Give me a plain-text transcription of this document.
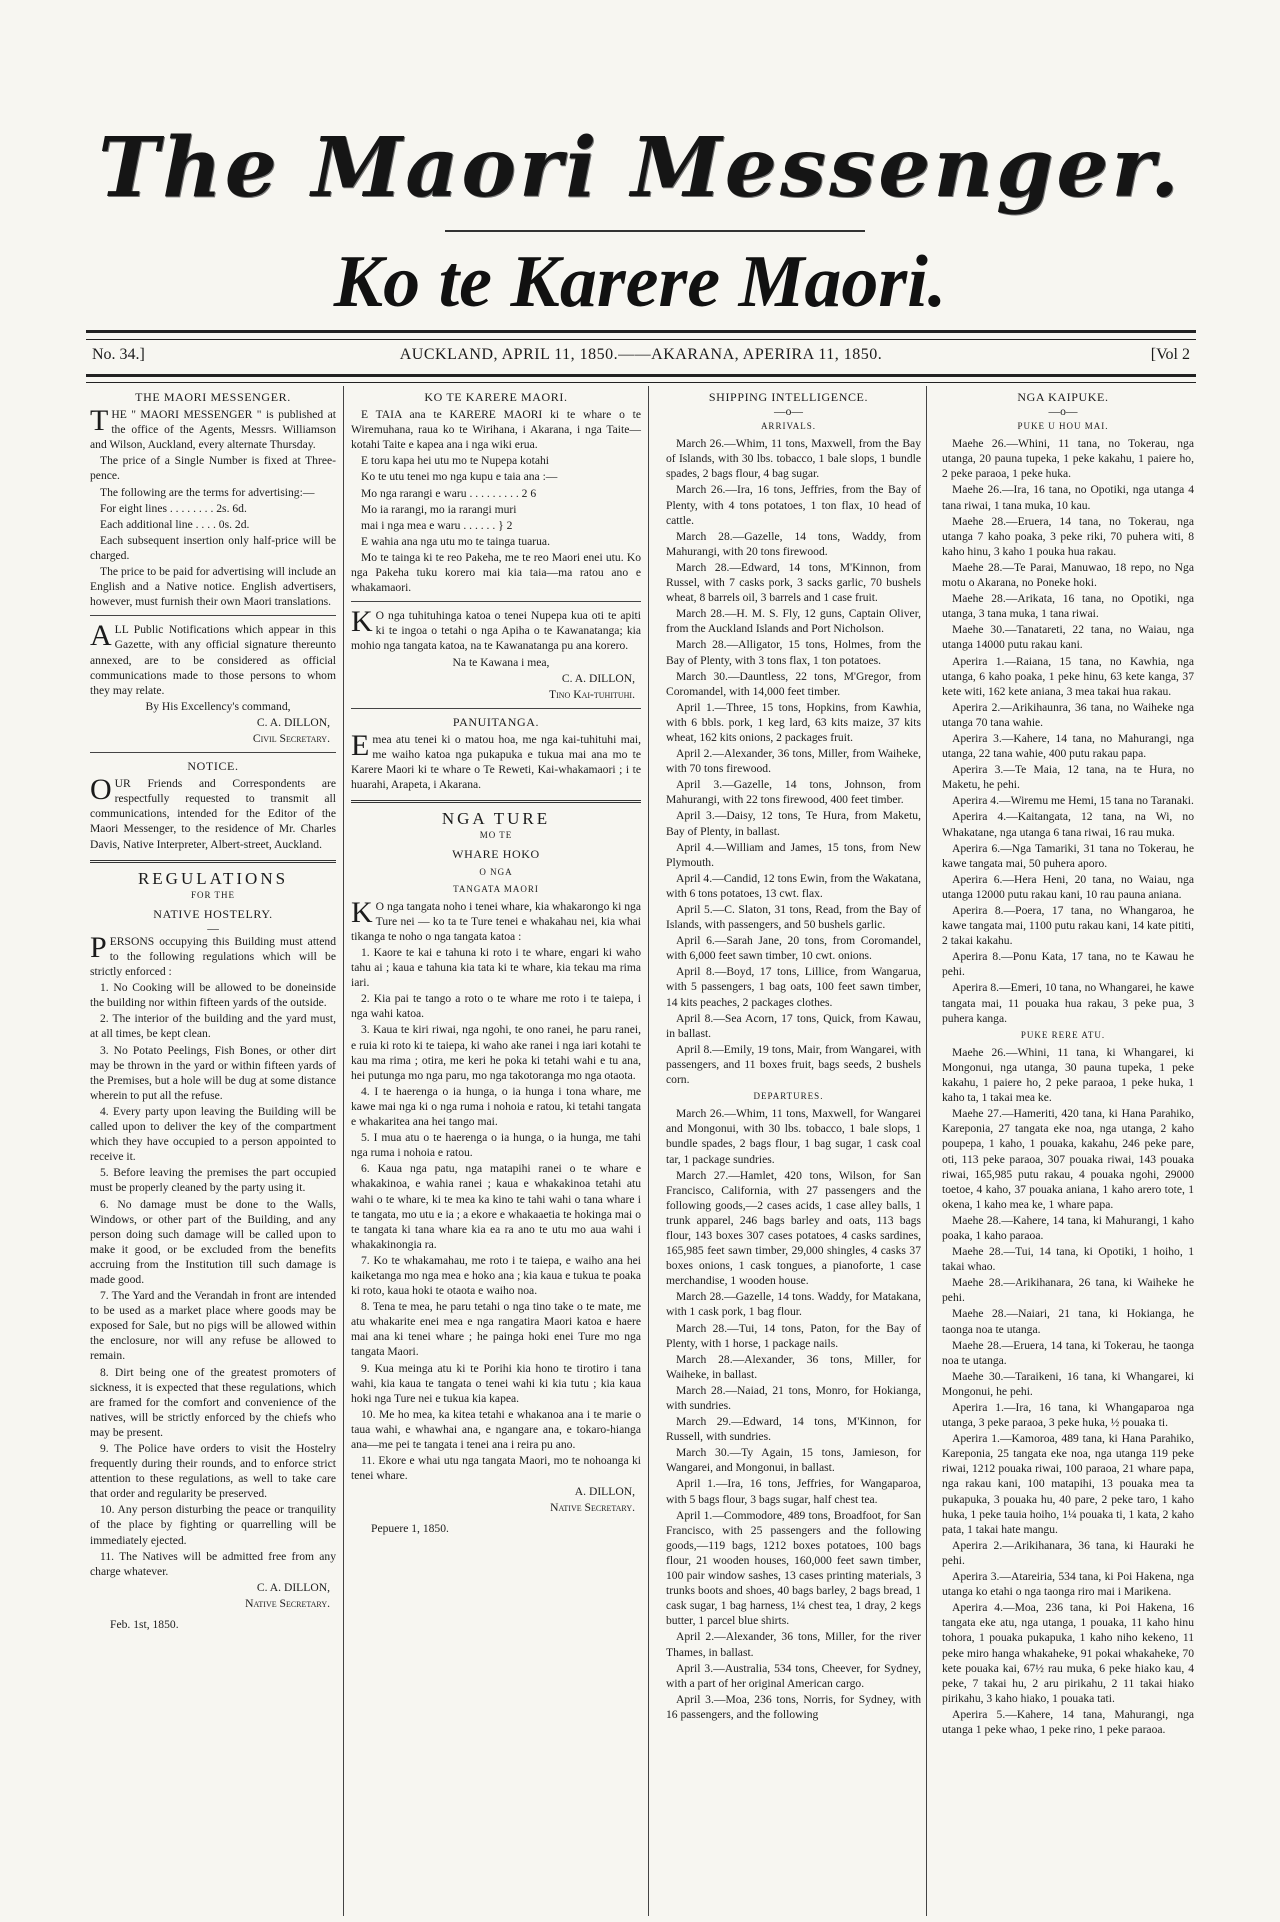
The Maori Messenger.
Ko te Karere Maori.
No. 34.]	AUCKLAND, APRIL 11, 1850.——AKARANA, APERIRA 11, 1850.	[Vol 2
THE MAORI MESSENGER.

THE " MAORI MESSENGER " is published at the office of the Agents, Messrs. Williamson and Wilson, Auckland, every alternate Thursday.

The price of a Single Number is fixed at Three-pence.

The following are the terms for advertising:—

For eight lines . . . . . . . . 2s. 6d.

Each additional line . . . . 0s. 2d.

Each subsequent insertion only half-price will be charged.

The price to be paid for advertising will include an English and a Native notice. English advertisers, however, must furnish their own Maori translations.

ALL Public Notifications which appear in this Gazette, with any official signature thereunto annexed, are to be considered as official communications made to those persons to whom they may relate.

By His Excellency's command,

C. A. DILLON,
Civil Secretary.
NOTICE.

OUR Friends and Correspondents are respectfully requested to transmit all communications, intended for the Editor of the Maori Messenger, to the residence of Mr. Charles Davis, Native Interpreter, Albert-street, Auckland.

REGULATIONS
FOR THE
NATIVE HOSTELRY.
—

PERSONS occupying this Building must attend to the following regulations which will be strictly enforced :

1. No Cooking will be allowed to be doneinside the building nor within fifteen yards of the outside.

2. The interior of the building and the yard must, at all times, be kept clean.

3. No Potato Peelings, Fish Bones, or other dirt may be thrown in the yard or within fifteen yards of the Premises, but a hole will be dug at some distance wherein to put all the refuse.

4. Every party upon leaving the Building will be called upon to deliver the key of the compartment which they have occupied to a person appointed to receive it.

5. Before leaving the premises the part occupied must be properly cleaned by the party using it.

6. No damage must be done to the Walls, Windows, or other part of the Building, and any person doing such damage will be called upon to make it good, or be excluded from the benefits accruing from the Institution till such damage is made good.

7. The Yard and the Verandah in front are intended to be used as a market place where goods may be exposed for Sale, but no pigs will be allowed within the enclosure, nor will any refuse be allowed to remain.

8. Dirt being one of the greatest promoters of sickness, it is expected that these regulations, which are framed for the comfort and convenience of the natives, will be strictly enforced by the chiefs who may be present.

9. The Police have orders to visit the Hostelry frequently during their rounds, and to enforce strict attention to these regulations, as well to take care that order and regularity be preserved.

10. Any person disturbing the peace or tranquility of the place by fighting or quarrelling will be immediately ejected.

11. The Natives will be admitted free from any charge whatever.

C. A. DILLON,
Native Secretary.
Feb. 1st, 1850.
KO TE KARERE MAORI.

E TAIA ana te KARERE MAORI ki te whare o te Wiremuhana, raua ko te Wirihana, i Akarana, i nga Taite—kotahi Taite e kapea ana i nga wiki erua.

E toru kapa hei utu mo te Nupepa kotahi

Ko te utu tenei mo nga kupu e taia ana :—

Mo nga rarangi e waru . . . . . . . . . 2 6

Mo ia rarangi, mo ia rarangi muri

mai i nga mea e waru . . . . . . } 2

E wahia ana nga utu mo te tainga tuarua.

Mo te tainga ki te reo Pakeha, me te reo Maori enei utu. Ko nga Pakeha tuku korero mai kia taia—ma ratou ano e whakamaori.

K O nga tuhituhinga katoa o tenei Nupepa kua oti te apiti ki te ingoa o tetahi o nga Apiha o te Kawanatanga; kia mohio nga tangata katoa, na te Kawanatanga pu ana korero.

Na te Kawana i mea,

C. A. DILLON,
Tino Kai-tuhituhi.
PANUITANGA.

Emea atu tenei ki o matou hoa, me nga kai-tuhituhi mai, me waiho katoa nga pukapuka e tukua mai ana mo te Karere Maori ki te whare o Te Reweti, Kai-whakamaori ; i te huarahi, Arapeta, i Akarana.

NGA TURE
MO TE
WHARE HOKO
O NGA
TANGATA MAORI

K O nga tangata noho i tenei whare, kia whakarongo ki nga Ture nei — ko ta te Ture tenei e whakahau nei, kia whai tikanga te noho o nga tangata katoa :

1. Kaore te kai e tahuna ki roto i te whare, engari ki waho tahu ai ; kaua e tahuna kia tata ki te whare, kia tekau ma rima iari.

2. Kia pai te tango a roto o te whare me roto i te taiepa, i nga wahi katoa.

3. Kaua te kiri riwai, nga ngohi, te ono ranei, he paru ranei, e ruia ki roto ki te taiepa, ki waho ake ranei i nga iari kotahi te kau ma rima ; otira, me keri he poka ki tetahi wahi e tu ana, hei putunga mo nga paru, mo nga takotoranga mo nga otaota.

4. I te haerenga o ia hunga, o ia hunga i tona whare, me kawe mai nga ki o nga ruma i nohoia e ratou, ki tetahi tangata e whakaritea ana hei tango mai.

5. I mua atu o te haerenga o ia hunga, o ia hunga, me tahi nga ruma i nohoia e ratou.

6. Kaua nga patu, nga matapihi ranei o te whare e whakakinoa, e wahia ranei ; kaua e whakakinoa tetahi atu wahi o te whare, ki te mea ka kino te tahi wahi o tana whare i te tangata, mo utu e ia ; a ekore e whakaaetia te hokinga mai o te tangata ki tana whare kia ea ra ano te utu mo aua wahi i whakakinongia ra.

7. Ko te whakamahau, me roto i te taiepa, e waiho ana hei kaiketanga mo nga mea e hoko ana ; kia kaua e tukua te poaka ki roto, kaua hoki te otaota e waiho noa.

8. Tena te mea, he paru tetahi o nga tino take o te mate, me atu whakarite enei mea e nga rangatira Maori katoa e haere mai ana ki tenei whare ; he painga hoki enei Ture mo nga tangata Maori.

9. Kua meinga atu ki te Porihi kia hono te tirotiro i tana wahi, kia kaua te tangata o tenei wahi ki kia tutu ; kia kaua hoki nga Ture nei e tukua kia kapea.

10. Me ho mea, ka kitea tetahi e whakanoa ana i te marie o taua wahi, e whawhai ana, e ngangare ana, e tokaro-hianga ana—me pei te tangata i tenei ana i reira pu ano.

11. Ekore e whai utu nga tangata Maori, mo te nohoanga ki tenei whare.

A. DILLON,
Native Secretary.
Pepuere 1, 1850.
SHIPPING INTELLIGENCE.
—o—
ARRIVALS.

March 26.—Whim, 11 tons, Maxwell, from the Bay of Islands, with 30 lbs. tobacco, 1 bale slops, 1 bundle spades, 2 bags flour, 4 bag sugar.

March 26.—Ira, 16 tons, Jeffries, from the Bay of Plenty, with 4 tons potatoes, 1 ton flax, 10 head of cattle.

March 28.—Gazelle, 14 tons, Waddy, from Mahurangi, with 20 tons firewood.

March 28.—Edward, 14 tons, M'Kinnon, from Russel, with 7 casks pork, 3 sacks garlic, 70 bushels wheat, 8 barrels oil, 3 barrels and 1 case fruit.

March 28.—H. M. S. Fly, 12 guns, Captain Oliver, from the Auckland Islands and Port Nicholson.

March 28.—Alligator, 15 tons, Holmes, from the Bay of Plenty, with 3 tons flax, 1 ton potatoes.

March 30.—Dauntless, 22 tons, M'Gregor, from Coromandel, with 14,000 feet timber.

April 1.—Three, 15 tons, Hopkins, from Kawhia, with 6 bbls. pork, 1 keg lard, 63 kits maize, 37 kits wheat, 162 kits onions, 2 packages fruit.

April 2.—Alexander, 36 tons, Miller, from Waiheke, with 70 tons firewood.

April 3.—Gazelle, 14 tons, Johnson, from Mahurangi, with 22 tons firewood, 400 feet timber.

April 3.—Daisy, 12 tons, Te Hura, from Maketu, Bay of Plenty, in ballast.

April 4.—William and James, 15 tons, from New Plymouth.

April 4.—Candid, 12 tons Ewin, from the Wakatana, with 6 tons potatoes, 13 cwt. flax.

April 5.—C. Slaton, 31 tons, Read, from the Bay of Islands, with passengers, and 50 bushels garlic.

April 6.—Sarah Jane, 20 tons, from Coromandel, with 6,000 feet sawn timber, 10 cwt. onions.

April 8.—Boyd, 17 tons, Lillice, from Wangarua, with 5 passengers, 1 bag oats, 100 feet sawn timber, 14 kits peaches, 2 packages clothes.

April 8.—Sea Acorn, 17 tons, Quick, from Kawau, in ballast.

April 8.—Emily, 19 tons, Mair, from Wangarei, with passengers, and 11 boxes fruit, bags seeds, 2 bushels corn.

DEPARTURES.

March 26.—Whim, 11 tons, Maxwell, for Wangarei and Mongonui, with 30 lbs. tobacco, 1 bale slops, 1 bundle spades, 2 bags flour, 1 bag sugar, 1 cask coal tar, 1 package sundries.

March 27.—Hamlet, 420 tons, Wilson, for San Francisco, California, with 27 passengers and the following goods,—2 cases acids, 1 case alley balls, 1 trunk apparel, 246 bags barley and oats, 113 bags flour, 143 boxes 307 cases potatoes, 4 casks sardines, 165,985 feet sawn timber, 29,000 shingles, 4 casks 37 boxes onions, 1 cask tongues, a pianoforte, 1 case merchandise, 1 wooden house.

March 28.—Gazelle, 14 tons. Waddy, for Matakana, with 1 cask pork, 1 bag flour.

March 28.—Tui, 14 tons, Paton, for the Bay of Plenty, with 1 horse, 1 package nails.

March 28.—Alexander, 36 tons, Miller, for Waiheke, in ballast.

March 28.—Naiad, 21 tons, Monro, for Hokianga, with sundries.

March 29.—Edward, 14 tons, M'Kinnon, for Russell, with sundries.

March 30.—Ty Again, 15 tons, Jamieson, for Wangarei, and Mongonui, in ballast.

April 1.—Ira, 16 tons, Jeffries, for Wangaparoa, with 5 bags flour, 3 bags sugar, half chest tea.

April 1.—Commodore, 489 tons, Broadfoot, for San Francisco, with 25 passengers and the following goods,—119 bags, 1212 boxes potatoes, 100 bags flour, 21 wooden houses, 160,000 feet sawn timber, 100 pair window sashes, 13 cases printing materials, 3 trunks boots and shoes, 40 bags barley, 2 bags bread, 1 cask sugar, 1 bag harness, 1¼ chest tea, 1 dray, 2 kegs butter, 1 parcel blue shirts.

April 2.—Alexander, 36 tons, Miller, for the river Thames, in ballast.

April 3.—Australia, 534 tons, Cheever, for Sydney, with a part of her original American cargo.

April 3.—Moa, 236 tons, Norris, for Sydney, with 16 passengers, and the following

NGA KAIPUKE.
—o—
PUKE U HOU MAI.

Maehe 26.—Whini, 11 tana, no Tokerau, nga utanga, 20 pauna tupeka, 1 peke kakahu, 1 paiere ho, 2 peke paraoa, 1 peke huka.

Maehe 26.—Ira, 16 tana, no Opotiki, nga utanga 4 tana riwai, 1 tana muka, 10 kau.

Maehe 28.—Eruera, 14 tana, no Tokerau, nga utanga 7 kaho poaka, 3 peke riki, 70 puhera witi, 8 kaho hinu, 3 kaho 1 pouka hua rakau.

Maehe 28.—Te Parai, Manuwao, 18 repo, no Nga motu o Akarana, no Poneke hoki.

Maehe 28.—Arikata, 16 tana, no Opotiki, nga utanga, 3 tana muka, 1 tana riwai.

Maehe 30.—Tanatareti, 22 tana, no Waiau, nga utanga 14000 putu rakau kani.

Aperira 1.—Raiana, 15 tana, no Kawhia, nga utanga, 6 kaho poaka, 1 peke hinu, 63 kete kanga, 37 kete witi, 162 kete aniana, 3 mea takai hua rakau.

Aperira 2.—Arikihaunra, 36 tana, no Waiheke nga utanga 70 tana wahie.

Aperira 3.—Kahere, 14 tana, no Mahurangi, nga utanga, 22 tana wahie, 400 putu rakau papa.

Aperira 3.—Te Maia, 12 tana, na te Hura, no Maketu, he pehi.

Aperira 4.—Wiremu me Hemi, 15 tana no Taranaki.

Aperira 4.—Kaitangata, 12 tana, na Wi, no Whakatane, nga utanga 6 tana riwai, 16 rau muka.

Aperira 6.—Nga Tamariki, 31 tana no Tokerau, he kawe tangata mai, 50 puhera aporo.

Aperira 6.—Hera Heni, 20 tana, no Waiau, nga utanga 12000 putu rakau kani, 10 rau pauna aniana.

Aperira 8.—Poera, 17 tana, no Whangaroa, he kawe tangata mai, 1100 putu rakau kani, 14 kate pititi, 2 takai kakahu.

Aperira 8.—Ponu Kata, 17 tana, no te Kawau he pehi.

Aperira 8.—Emeri, 10 tana, no Whangarei, he kawe tangata mai, 11 pouaka hua rakau, 3 peke pua, 3 puhera kanga.

PUKE RERE ATU.

Maehe 26.—Whini, 11 tana, ki Whangarei, ki Mongonui, nga utanga, 30 pauna tupeka, 1 peke kakahu, 1 paiere ho, 2 peke paraoa, 1 peke huka, 1 kaho ta, 1 takai mea ke.

Maehe 27.—Hameriti, 420 tana, ki Hana Parahiko, Kareponia, 27 tangata eke noa, nga utanga, 2 kaho poupepa, 1 kaho, 1 pouaka, kakahu, 246 peke pare, oti, 113 peke paraoa, 307 pouaka riwai, 143 pouaka riwai, 165,985 putu rakau, 4 pouaka ngohi, 29000 toetoe, 4 kaho, 37 pouaka aniana, 1 kaho arero tote, 1 okena, 1 kaho mea ke, 1 whare papa.

Maehe 28.—Kahere, 14 tana, ki Mahurangi, 1 kaho poaka, 1 kaho paraoa.

Maehe 28.—Tui, 14 tana, ki Opotiki, 1 hoiho, 1 takai whao.

Maehe 28.—Arikihanara, 26 tana, ki Waiheke he pehi.

Maehe 28.—Naiari, 21 tana, ki Hokianga, he taonga noa te utanga.

Maehe 28.—Eruera, 14 tana, ki Tokerau, he taonga noa te utanga.

Maehe 30.—Taraikeni, 16 tana, ki Whangarei, ki Mongonui, he pehi.

Aperira 1.—Ira, 16 tana, ki Whangaparoa nga utanga, 3 peke paraoa, 3 peke huka, ½ pouaka ti.

Aperira 1.—Kamoroa, 489 tana, ki Hana Parahiko, Kareponia, 25 tangata eke noa, nga utanga 119 peke riwai, 1212 pouaka riwai, 100 paraoa, 21 whare papa, nga rakau kani, 100 matapihi, 13 pouaka mea ta pukapuka, 3 pouaka hu, 40 pare, 2 peke taro, 1 kaho huka, 1 peke tauia hoiho, 1¼ pouaka ti, 1 kata, 2 kaho pata, 1 takai hate mangu.

Aperira 2.—Arikihanara, 36 tana, ki Hauraki he pehi.

Aperira 3.—Atareiria, 534 tana, ki Poi Hakena, nga utanga ko etahi o nga taonga riro mai i Marikena.

Aperira 4.—Moa, 236 tana, ki Poi Hakena, 16 tangata eke atu, nga utanga, 1 pouaka, 11 kaho hinu tohora, 1 pouaka pukapuka, 1 kaho niho kekeno, 11 peke miro hanga whakaheke, 91 pokai whakaheke, 70 kete pouaka kai, 67½ rau muka, 6 peke hiako kau, 4 peke, 7 takai hu, 2 aru pirikahu, 2 11 takai hiako pirikahu, 3 kaho hiako, 1 pouaka tati.

Aperira 5.—Kahere, 14 tana, Mahurangi, nga utanga 1 peke whao, 1 peke rino, 1 peke paraoa.
